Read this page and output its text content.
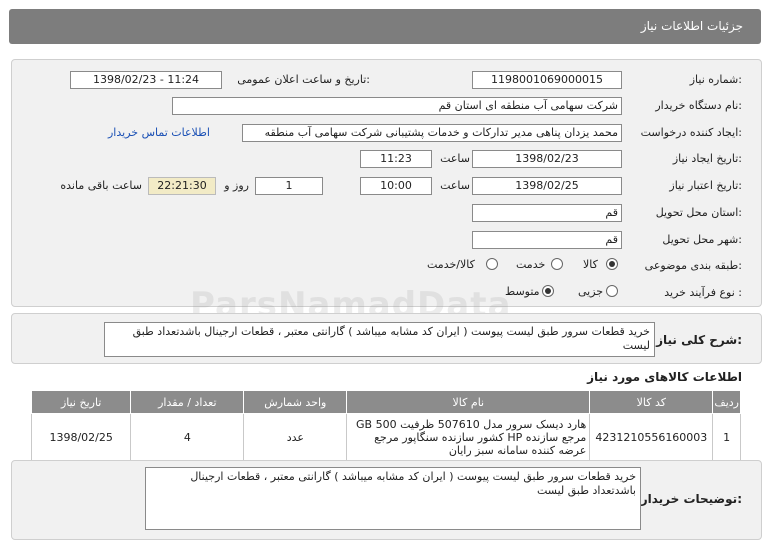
جزئیات اطلاعات نیاز
شماره نیاز:
1198001069000015
تاریخ و ساعت اعلان عمومی:
1398/02/23 - 11:24
نام دستگاه خریدار:
شرکت سهامی آب منطقه ای استان قم
ایجاد کننده درخواست:
محمد یزدان پناهی مدیر تدارکات و خدمات پشتیبانی شرکت سهامی آب منطقه
اطلاعات تماس خریدار
تاریخ ایجاد نیاز:
1398/02/23
ساعت
11:23
تاریخ اعتبار نیاز:
1398/02/25
ساعت
10:00
1
روز و
22:21:30
ساعت باقی مانده
استان محل تحویل:
قم
شهر محل تحویل:
قم
طبقه بندی موضوعی:
کالا
خدمت
کالا/خدمت
نوع فرآیند خرید :
جزیی
متوسط
شرح کلی نیاز:
خرید قطعات سرور طبق لیست پیوست ( ایران کد مشابه میباشد ) گارانتی معتبر ، قطعات ارجینال باشدتعداد طبق لیست
اطلاعات کالاهای مورد نیاز
ردیف	کد کالا	نام کالا	واحد شمارش	تعداد / مقدار	تاریخ نیاز
1	4231210556160003	هارد دیسک سرور مدل 507610 ظرفیت GB 500 مرجع سازنده HP کشور سازنده سنگاپور مرجع عرضه کننده سامانه سبز رایان	عدد	4	1398/02/25
توضیحات خریدار:
خرید قطعات سرور طبق لیست پیوست ( ایران کد مشابه میباشد ) گارانتی معتبر ، قطعات ارجینال باشدتعداد طبق لیست
